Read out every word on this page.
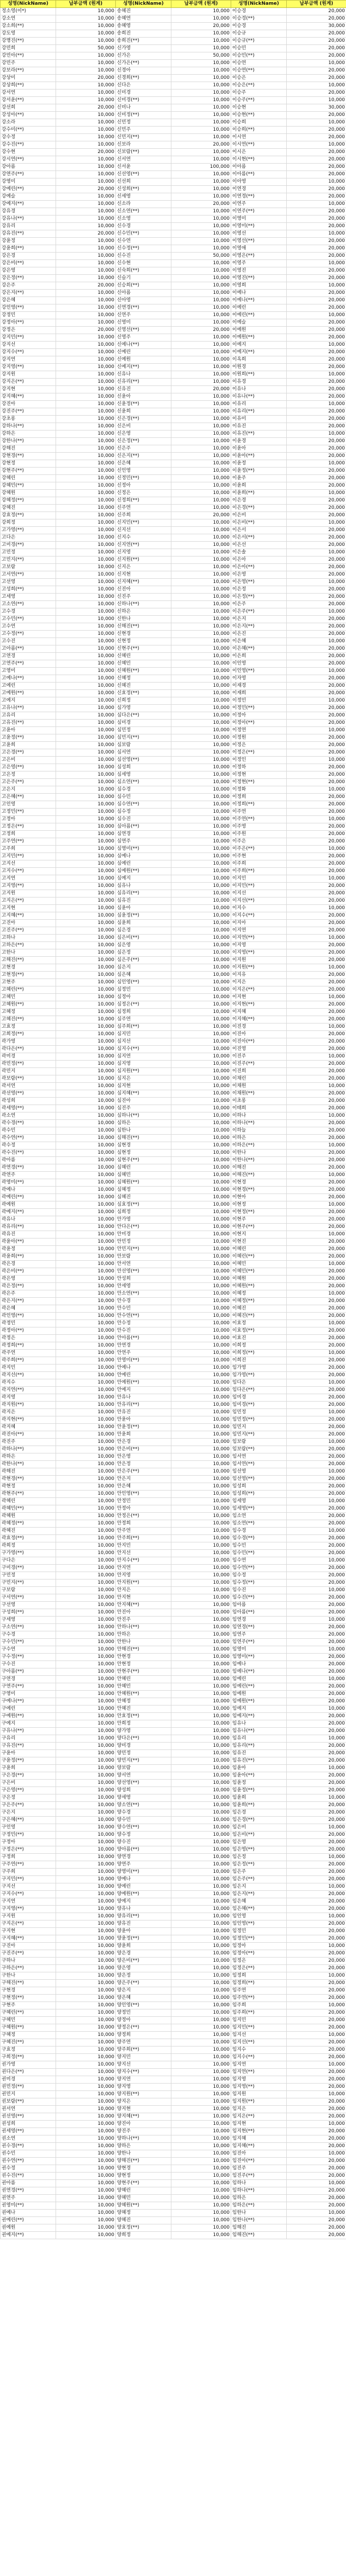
성명(NickName)	납부금액 (원계)	성명(NickName)	납부금액 (원계)	성명(NickName)	납부금액 (원계)
정소영(이*)	10,000	송혜진	10,000	이승경	20,000
강소연	10,000	송혜연	10,000	이승경(**)	20,000
강소희(**)	10,000	송혜영	20,000	이승경	30,000
강도영	10,000	송희진	10,000	이승규	20,000
강명진(**)	10,000	송희진(**)	10,000	이승규(**)	20,000
강민희	50,000	신가영	10,000	이승민	20,000
강민아(**)	10,000	신가은	50,000	이승민(**)	20,000
강민주	10,000	신가은(**)	10,000	이승연	10,000
강보라(**)	10,000	신경아	10,000	이승연(**)	20,000
강상미	20,000	신경희(**)	10,000	이승은	20,000
강상희(**)	10,000	신다은	10,000	이승은(**)	10,000
강서연	10,000	신미경	10,000	이승주	20,000
강서윤(**)	10,000	신미경(**)	10,000	이승주(**)	10,000
강선희	20,000	신미나	10,000	이승현	30,000
강성아(**)	10,000	신미정(**)	10,000	이승현(**)	20,000
강소라	10,000	신민정	10,000	이승희	10,000
강수미(**)	10,000	신민주	10,000	이승희(**)	20,000
강수정	10,000	신민지(**)	10,000	이시연	20,000
강수진(**)	10,000	신보라	20,000	이시연(**)	10,000
강수현	20,000	신보람(**)	10,000	이시은	20,000
강시연(**)	10,000	신서연	10,000	이시현(**)	20,000
강아름	10,000	신서윤	100,000	이아름	20,000
강연주(**)	10,000	신선영(**)	10,000	이아름(**)	20,000
강영미	10,000	신선희	10,000	이아영	10,000
강예린(**)	20,000	신성희(**)	10,000	이연경	20,000
강예슬	10,000	신세영	10,000	이연경(**)	20,000
강예지(**)	10,000	신소라	20,000	이연주	10,000
강유경	10,000	신소연(**)	10,000	이연주(**)	20,000
강유나(**)	10,000	신소영	10,000	이영미	20,000
강유리	10,000	신수경	10,000	이영미(**)	20,000
강유진(**)	20,000	신수민(**)	10,000	이영선	10,000
강윤정	10,000	신수연	10,000	이영선(**)	20,000
강윤희(**)	10,000	신수정(**)	10,000	이영애	20,000
강은경	10,000	신수진	50,000	이영은(**)	20,000
강은비(**)	10,000	신수현	10,000	이영주	10,000
강은영	10,000	신숙희(**)	10,000	이영진	20,000
강은정(**)	10,000	신슬기	10,000	이영진(**)	20,000
강은주	20,000	신승희(**)	10,000	이영희	10,000
강은지(**)	10,000	신아름	10,000	이예나	20,000
강은혜	10,000	신아영	10,000	이예나(**)	20,000
강인영(**)	10,000	신연경(**)	10,000	이예린	20,000
강정민	10,000	신연주	10,000	이예린(**)	10,000
강정아(**)	10,000	신영미	10,000	이예슬	20,000
강정은	20,000	신영선(**)	20,000	이예원	20,000
강지민(**)	10,000	신영주	10,000	이예원(**)	20,000
강지선	10,000	신예나(**)	10,000	이예지	10,000
강지수(**)	10,000	신예린	10,000	이예지(**)	20,000
강지연	10,000	신예원	10,000	이옥희	20,000
강지영(**)	10,000	신예지(**)	10,000	이원경	20,000
강지원	10,000	신유나	10,000	이원희(**)	10,000
강지은(**)	10,000	신유리(**)	10,000	이유경	20,000
강지현	10,000	신유진	20,000	이유나	20,000
강지혜(**)	10,000	신윤아	10,000	이유나(**)	20,000
강진아	10,000	신윤정(**)	10,000	이유리	10,000
강진주(**)	10,000	신윤희	10,000	이유리(**)	20,000
강초롱	10,000	신은경(**)	10,000	이유미	20,000
강하나(**)	10,000	신은비	10,000	이유진	20,000
강하은	10,000	신은영	10,000	이유진(**)	10,000
강한나(**)	10,000	신은정(**)	10,000	이윤경	20,000
강해진	10,000	신은주	10,000	이윤아	20,000
강현경(**)	10,000	신은지(**)	10,000	이윤아(**)	20,000
강현정	10,000	신은혜	10,000	이윤정	10,000
강현주(**)	10,000	신인영	10,000	이윤정(**)	20,000
강혜린	10,000	신정민(**)	10,000	이윤주	20,000
강혜민(**)	10,000	신정아	10,000	이윤희	20,000
강혜원	10,000	신정은	10,000	이윤희(**)	10,000
강혜정(**)	10,000	신정희(**)	10,000	이은경	20,000
강혜진	10,000	신주연	10,000	이은경(**)	20,000
강효정(**)	10,000	신주희	20,000	이은비	20,000
강희정	10,000	신지민(**)	10,000	이은비(**)	10,000
고가영(**)	10,000	신지선	10,000	이은서	20,000
고다은	10,000	신지수	10,000	이은서(**)	20,000
고미경(**)	10,000	신지연(**)	10,000	이은선	20,000
고민정	10,000	신지영	10,000	이은솔	10,000
고민지(**)	10,000	신지원(**)	10,000	이은아	20,000
고보람	10,000	신지은	10,000	이은아(**)	20,000
고서연(**)	10,000	신지현	10,000	이은영	20,000
고선영	10,000	신지혜(**)	10,000	이은영(**)	10,000
고성희(**)	10,000	신진아	10,000	이은정	20,000
고세영	10,000	신진주	10,000	이은정(**)	20,000
고소연(**)	10,000	신하나(**)	10,000	이은주	20,000
고수경	10,000	신하은	10,000	이은주(**)	10,000
고수민(**)	10,000	신한나	10,000	이은지	20,000
고수연	10,000	신해진(**)	10,000	이은지(**)	20,000
고수정(**)	10,000	신현경	10,000	이은진	20,000
고수진	10,000	신현정	10,000	이은혜	10,000
고아름(**)	10,000	신현주(**)	10,000	이은혜(**)	20,000
고연경	10,000	신혜린	10,000	이은희	20,000
고연주(**)	10,000	신혜민	10,000	이인영	20,000
고영미	10,000	신혜원(**)	10,000	이인영(**)	10,000
고예나(**)	10,000	신혜정	10,000	이자영	20,000
고예린	10,000	신혜진	10,000	이재경	20,000
고예원(**)	10,000	신효정(**)	10,000	이재희	20,000
고예지	10,000	신희정	10,000	이정민	10,000
고유나(**)	10,000	심가영	10,000	이정민(**)	20,000
고유리	10,000	심다은(**)	10,000	이정아	20,000
고유진(**)	10,000	심미경	10,000	이정아(**)	20,000
고윤아	10,000	심민정	10,000	이정연	10,000
고윤정(**)	10,000	심민지(**)	10,000	이정원	20,000
고윤희	10,000	심보람	10,000	이정은	20,000
고은경(**)	10,000	심서연	10,000	이정은(**)	20,000
고은비	10,000	심선영(**)	10,000	이정인	10,000
고은영(**)	10,000	심성희	10,000	이정하	20,000
고은정	10,000	심세영	10,000	이정현	20,000
고은주(**)	10,000	심소연(**)	10,000	이정현(**)	20,000
고은지	10,000	심수경	10,000	이정화	10,000
고은혜(**)	10,000	심수민	10,000	이정희	20,000
고인영	10,000	심수연(**)	10,000	이정희(**)	20,000
고정민(**)	10,000	심수정	10,000	이주연	20,000
고정아	10,000	심수진	10,000	이주연(**)	10,000
고정은(**)	10,000	심아름(**)	10,000	이주영	20,000
고정희	10,000	심연경	10,000	이주원	20,000
고주연(**)	10,000	심연주	10,000	이주은	20,000
고주희	10,000	심영미(**)	10,000	이주은(**)	10,000
고지민(**)	10,000	심예나	10,000	이주현	20,000
고지선	10,000	심예린	10,000	이주희	20,000
고지수(**)	10,000	심예원(**)	10,000	이주희(**)	20,000
고지연	10,000	심예지	10,000	이지민	10,000
고지영(**)	10,000	심유나	10,000	이지민(**)	20,000
고지원	10,000	심유리(**)	10,000	이지선	20,000
고지은(**)	10,000	심유진	10,000	이지선(**)	20,000
고지현	10,000	심윤아	10,000	이지수	10,000
고지혜(**)	10,000	심윤정(**)	10,000	이지수(**)	20,000
고진아	10,000	심윤희	10,000	이지아	20,000
고진주(**)	10,000	심은경	10,000	이지연	20,000
고하나	10,000	심은비(**)	10,000	이지연(**)	10,000
고하은(**)	10,000	심은영	10,000	이지영	20,000
고한나	10,000	심은정	10,000	이지영(**)	20,000
고해진(**)	10,000	심은주(**)	10,000	이지원	20,000
고현경	10,000	심은지	10,000	이지원(**)	10,000
고현정(**)	10,000	심은혜	10,000	이지유	20,000
고현주	10,000	심인영(**)	10,000	이지은	20,000
고혜린(**)	10,000	심정민	10,000	이지은(**)	20,000
고혜민	10,000	심정아	10,000	이지현	10,000
고혜원(**)	10,000	심정은(**)	10,000	이지현(**)	20,000
고혜정	10,000	심정희	10,000	이지혜	20,000
고혜진(**)	10,000	심주연	10,000	이지혜(**)	20,000
고효정	10,000	심주희(**)	10,000	이진경	10,000
고희정(**)	10,000	심지민	10,000	이진아	20,000
곽가영	10,000	심지선	10,000	이진아(**)	20,000
곽다은(**)	10,000	심지수(**)	10,000	이진영	20,000
곽미경	10,000	심지연	10,000	이진주	10,000
곽민정(**)	10,000	심지영	10,000	이진주(**)	20,000
곽민지	10,000	심지원(**)	10,000	이진희	20,000
곽보람(**)	10,000	심지은	10,000	이채린	20,000
곽서연	10,000	심지현	10,000	이채원	10,000
곽선영(**)	10,000	심지혜(**)	10,000	이채원(**)	20,000
곽성희	10,000	심진아	10,000	이초롱	20,000
곽세영(**)	10,000	심진주	10,000	이태희	20,000
곽소연	10,000	심하나(**)	10,000	이하나	10,000
곽수경(**)	10,000	심하은	10,000	이하나(**)	20,000
곽수민	10,000	심한나	10,000	이하늘	20,000
곽수연(**)	10,000	심해진(**)	10,000	이하은	20,000
곽수정	10,000	심현경	10,000	이하은(**)	10,000
곽수진(**)	10,000	심현정	10,000	이한나	20,000
곽아름	10,000	심현주(**)	10,000	이한나(**)	20,000
곽연경(**)	10,000	심혜린	10,000	이해진	20,000
곽연주	10,000	심혜민	10,000	이해진(**)	10,000
곽영미(**)	10,000	심혜원(**)	10,000	이현경	20,000
곽예나	10,000	심혜정	10,000	이현경(**)	20,000
곽예린(**)	10,000	심혜진	10,000	이현아	20,000
곽예원	10,000	심효정(**)	10,000	이현정	10,000
곽예지(**)	10,000	심희정	10,000	이현정(**)	20,000
곽유나	10,000	안가영	10,000	이현주	20,000
곽유리(**)	10,000	안다은(**)	10,000	이현주(**)	20,000
곽유진	10,000	안미경	10,000	이현지	10,000
곽윤아(**)	10,000	안민정	10,000	이현진	20,000
곽윤정	10,000	안민지(**)	10,000	이혜린	20,000
곽윤희(**)	10,000	안보람	10,000	이혜린(**)	20,000
곽은경	10,000	안서연	10,000	이혜민	10,000
곽은비(**)	10,000	안선영(**)	10,000	이혜민(**)	20,000
곽은영	10,000	안성희	10,000	이혜원	20,000
곽은정(**)	10,000	안세영	10,000	이혜원(**)	20,000
곽은주	10,000	안소연(**)	10,000	이혜정	10,000
곽은지(**)	10,000	안수경	10,000	이혜정(**)	20,000
곽은혜	10,000	안수민	10,000	이혜진	20,000
곽인영(**)	10,000	안수연(**)	10,000	이혜진(**)	20,000
곽정민	10,000	안수정	10,000	이효정	10,000
곽정아(**)	10,000	안수진	10,000	이효정(**)	20,000
곽정은	10,000	안아름(**)	10,000	이효진	20,000
곽정희(**)	10,000	안연경	10,000	이희정	20,000
곽주연	10,000	안연주	10,000	이희정(**)	10,000
곽주희(**)	10,000	안영미(**)	10,000	이희진	20,000
곽지민	10,000	안예나	10,000	임가영	20,000
곽지선(**)	10,000	안예린	10,000	임가영(**)	20,000
곽지수	10,000	안예원(**)	10,000	임다은	10,000
곽지연(**)	10,000	안예지	10,000	임다은(**)	20,000
곽지영	10,000	안유나	10,000	임미경	20,000
곽지원(**)	10,000	안유리(**)	10,000	임미경(**)	20,000
곽지은	10,000	안유진	10,000	임민정	10,000
곽지현(**)	10,000	안윤아	10,000	임민정(**)	20,000
곽지혜	10,000	안윤정(**)	10,000	임민지	20,000
곽진아(**)	10,000	안윤희	10,000	임민지(**)	20,000
곽진주	10,000	안은경	10,000	임보람	10,000
곽하나(**)	10,000	안은비(**)	10,000	임보람(**)	20,000
곽하은	10,000	안은영	10,000	임서연	20,000
곽한나(**)	10,000	안은정	10,000	임서연(**)	20,000
곽해진	10,000	안은주(**)	10,000	임선영	10,000
곽현경(**)	10,000	안은지	10,000	임선영(**)	20,000
곽현정	10,000	안은혜	10,000	임성희	20,000
곽현주(**)	10,000	안인영(**)	10,000	임성희(**)	20,000
곽혜린	10,000	안정민	10,000	임세영	10,000
곽혜민(**)	10,000	안정아	10,000	임세영(**)	20,000
곽혜원	10,000	안정은(**)	10,000	임소연	20,000
곽혜정(**)	10,000	안정희	10,000	임소연(**)	20,000
곽혜진	10,000	안주연	10,000	임수경	10,000
곽효정(**)	10,000	안주희(**)	10,000	임수경(**)	20,000
곽희정	10,000	안지민	10,000	임수민	20,000
구가영(**)	10,000	안지선	10,000	임수민(**)	20,000
구다은	10,000	안지수(**)	10,000	임수연	10,000
구미경(**)	10,000	안지연	10,000	임수연(**)	20,000
구민정	10,000	안지영	10,000	임수정	20,000
구민지(**)	10,000	안지원(**)	10,000	임수정(**)	20,000
구보람	10,000	안지은	10,000	임수진	10,000
구서연(**)	10,000	안지현	10,000	임수진(**)	20,000
구선영	10,000	안지혜(**)	10,000	임아름	20,000
구성희(**)	10,000	안진아	10,000	임아름(**)	20,000
구세영	10,000	안진주	10,000	임연경	10,000
구소연(**)	10,000	안하나(**)	10,000	임연경(**)	20,000
구수경	10,000	안하은	10,000	임연주	20,000
구수민(**)	10,000	안한나	10,000	임연주(**)	20,000
구수연	10,000	안해진(**)	10,000	임영미	10,000
구수정(**)	10,000	안현경	10,000	임영미(**)	20,000
구수진	10,000	안현정	10,000	임예나	20,000
구아름(**)	10,000	안현주(**)	10,000	임예나(**)	20,000
구연경	10,000	안혜린	10,000	임예린	10,000
구연주(**)	10,000	안혜민	10,000	임예린(**)	20,000
구영미	10,000	안혜원(**)	10,000	임예원	20,000
구예나(**)	10,000	안혜정	10,000	임예원(**)	20,000
구예린	10,000	안혜진	10,000	임예지	10,000
구예원(**)	10,000	안효정(**)	10,000	임예지(**)	20,000
구예지	10,000	안희정	10,000	임유나	20,000
구유나(**)	10,000	양가영	10,000	임유나(**)	20,000
구유리	10,000	양다은(**)	10,000	임유리	10,000
구유진(**)	10,000	양미경	10,000	임유리(**)	20,000
구윤아	10,000	양민정	10,000	임유진	20,000
구윤정(**)	10,000	양민지(**)	10,000	임유진(**)	20,000
구윤희	10,000	양보람	10,000	임윤아	10,000
구은경(**)	10,000	양서연	10,000	임윤아(**)	20,000
구은비	10,000	양선영(**)	10,000	임윤정	20,000
구은영(**)	10,000	양성희	10,000	임윤정(**)	20,000
구은정	10,000	양세영	10,000	임윤희	10,000
구은주(**)	10,000	양소연(**)	10,000	임윤희(**)	20,000
구은지	10,000	양수경	10,000	임은경	20,000
구은혜(**)	10,000	양수민	10,000	임은경(**)	20,000
구인영	10,000	양수연(**)	10,000	임은비	10,000
구정민(**)	10,000	양수정	10,000	임은비(**)	20,000
구정아	10,000	양수진	10,000	임은영	20,000
구정은(**)	10,000	양아름(**)	10,000	임은영(**)	20,000
구정희	10,000	양연경	10,000	임은정	10,000
구주연(**)	10,000	양연주	10,000	임은정(**)	20,000
구주희	10,000	양영미(**)	10,000	임은주	20,000
구지민(**)	10,000	양예나	10,000	임은주(**)	20,000
구지선	10,000	양예린	10,000	임은지	10,000
구지수(**)	10,000	양예원(**)	10,000	임은지(**)	20,000
구지연	10,000	양예지	10,000	임은혜	20,000
구지영(**)	10,000	양유나	10,000	임은혜(**)	20,000
구지원	10,000	양유리(**)	10,000	임인영	10,000
구지은(**)	10,000	양유진	10,000	임인영(**)	20,000
구지현	10,000	양윤아	10,000	임정민	20,000
구지혜(**)	10,000	양윤정(**)	10,000	임정민(**)	20,000
구진아	10,000	양윤희	10,000	임정아	10,000
구진주(**)	10,000	양은경	10,000	임정아(**)	20,000
구하나	10,000	양은비(**)	10,000	임정은	20,000
구하은(**)	10,000	양은영	10,000	임정은(**)	20,000
구한나	10,000	양은정	10,000	임정희	10,000
구해진(**)	10,000	양은주(**)	10,000	임정희(**)	20,000
구현경	10,000	양은지	10,000	임주연	20,000
구현정(**)	10,000	양은혜	10,000	임주연(**)	20,000
구현주	10,000	양인영(**)	10,000	임주희	10,000
구혜린(**)	10,000	양정민	10,000	임주희(**)	20,000
구혜민	10,000	양정아	10,000	임지민	20,000
구혜원(**)	10,000	양정은(**)	10,000	임지민(**)	20,000
구혜정	10,000	양정희	10,000	임지선	10,000
구혜진(**)	10,000	양주연	10,000	임지선(**)	20,000
구효정	10,000	양주희(**)	10,000	임지수	20,000
구희정(**)	10,000	양지민	10,000	임지수(**)	20,000
권가영	10,000	양지선	10,000	임지연	10,000
권다은(**)	10,000	양지수(**)	10,000	임지연(**)	20,000
권미경	10,000	양지연	10,000	임지영	20,000
권민정(**)	10,000	양지영	10,000	임지영(**)	20,000
권민지	10,000	양지원(**)	10,000	임지원	10,000
권보람(**)	10,000	양지은	10,000	임지원(**)	20,000
권서연	10,000	양지현	10,000	임지은	20,000
권선영(**)	10,000	양지혜(**)	10,000	임지은(**)	20,000
권성희	10,000	양진아	10,000	임지현	10,000
권세영(**)	10,000	양진주	10,000	임지현(**)	20,000
권소연	10,000	양하나(**)	10,000	임지혜	20,000
권수경(**)	10,000	양하은	10,000	임지혜(**)	20,000
권수민	10,000	양한나	10,000	임진아	10,000
권수연(**)	10,000	양해진(**)	10,000	임진아(**)	20,000
권수정	10,000	양현경	10,000	임진주	20,000
권수진(**)	10,000	양현정	10,000	임진주(**)	20,000
권아름	10,000	양현주(**)	10,000	임하나	10,000
권연경(**)	10,000	양혜린	10,000	임하나(**)	20,000
권연주	10,000	양혜민	10,000	임하은	20,000
권영미(**)	10,000	양혜원(**)	10,000	임하은(**)	20,000
권예나	10,000	양혜정	10,000	임한나	10,000
권예린(**)	10,000	양혜진	10,000	임한나(**)	20,000
권예원	10,000	양효정(**)	10,000	임해진	20,000
권예지(**)	10,000	양희정	10,000	임해진(**)	20,000
